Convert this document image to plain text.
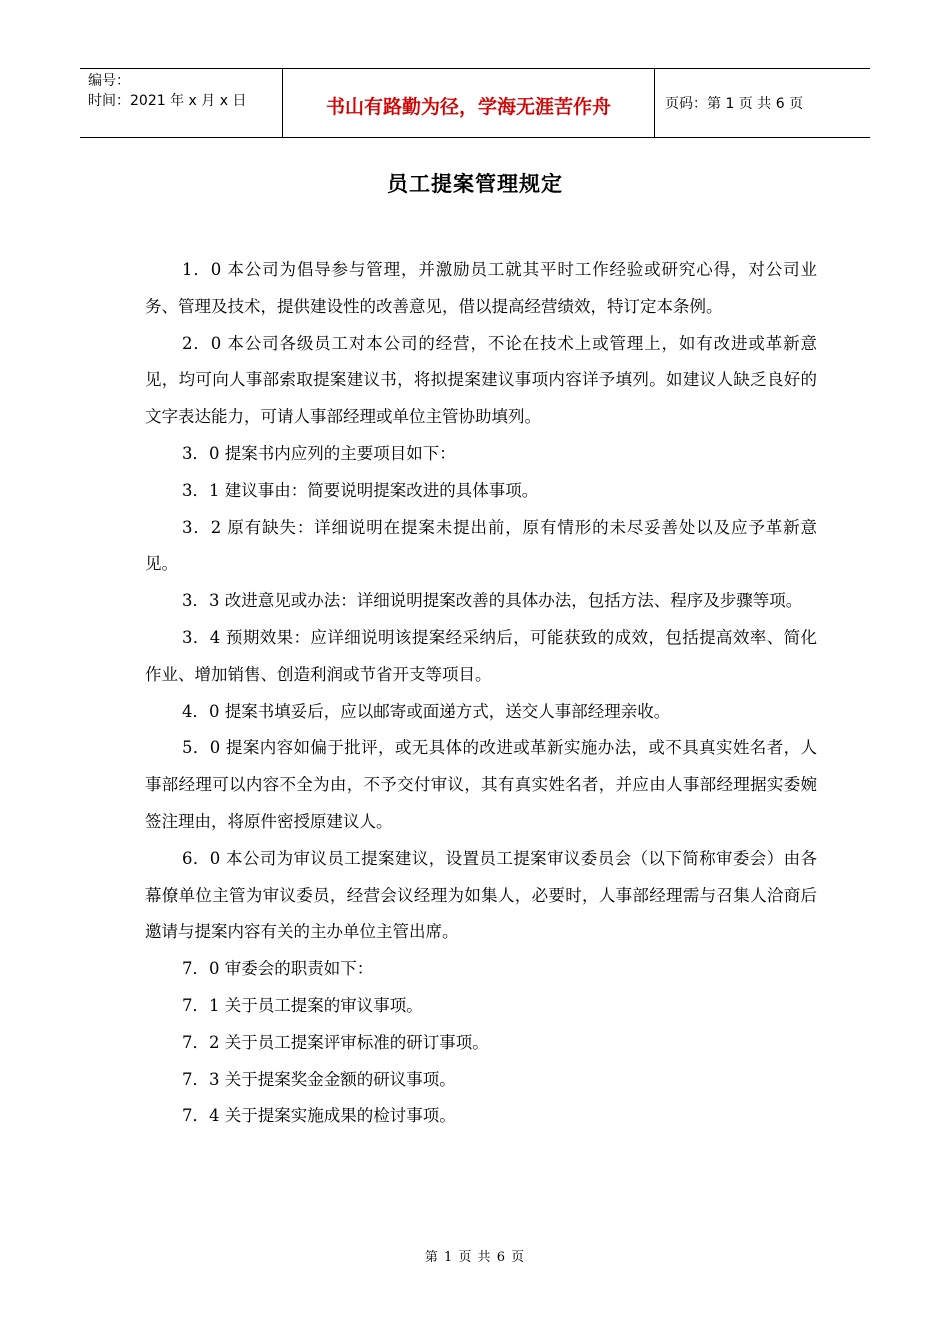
编号：
时间：2021 年 x 月 x 日	书山有路勤为径，学海无涯苦作舟	页码：第 1 页 共 6 页
员工提案管理规定

1．0 本公司为倡导参与管理，并激励员工就其平时工作经验或研究心得，对公司业务、管理及技术，提供建设性的改善意见，借以提高经营绩效，特订定本条例。

2．0 本公司各级员工对本公司的经营，不论在技术上或管理上，如有改进或革新意见，均可向人事部索取提案建议书，将拟提案建议事项内容详予填列。如建议人缺乏良好的文字表达能力，可请人事部经理或单位主管协助填列。

3．0 提案书内应列的主要项目如下：

3．1 建议事由：简要说明提案改进的具体事项。

3．2 原有缺失：详细说明在提案未提出前，原有情形的未尽妥善处以及应予革新意见。

3．3 改进意见或办法：详细说明提案改善的具体办法，包括方法、程序及步骤等项。

3．4 预期效果：应详细说明该提案经采纳后，可能获致的成效，包括提高效率、简化作业、增加销售、创造利润或节省开支等项目。

4．0 提案书填妥后，应以邮寄或面递方式，送交人事部经理亲收。

5．0 提案内容如偏于批评，或无具体的改进或革新实施办法，或不具真实姓名者，人事部经理可以内容不全为由，不予交付审议，其有真实姓名者，并应由人事部经理据实委婉签注理由，将原件密授原建议人。

6．0 本公司为审议员工提案建议，设置员工提案审议委员会（以下简称审委会）由各幕僚单位主管为审议委员，经营会议经理为如集人，必要时，人事部经理需与召集人洽商后邀请与提案内容有关的主办单位主管出席。

7．0 审委会的职责如下：

7．1 关于员工提案的审议事项。

7．2 关于员工提案评审标准的研订事项。

7．3 关于提案奖金金额的研议事项。

7．4 关于提案实施成果的检讨事项。

第 1 页 共 6 页
